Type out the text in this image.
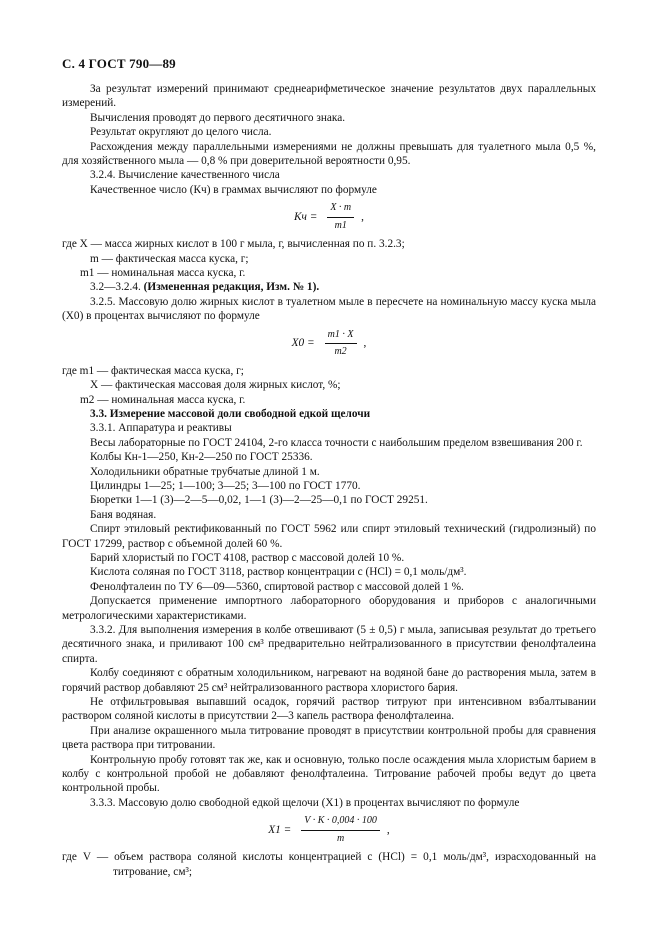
С. 4 ГОСТ 790—89

За результат измерений принимают среднеарифметическое значение результатов двух параллельных измерений.

Вычисления проводят до первого десятичного знака.

Результат округляют до целого числа.

Расхождения между параллельными измерениями не должны превышать для туалетного мыла 0,5 %, для хозяйственного мыла — 0,8 % при доверительной вероятности 0,95.

3.2.4. Вычисление качественного числа

Качественное число (Кч) в граммах вычисляют по формуле

Кч = $\frac{X \cdot m}{m1}$ ,

где X — масса жирных кислот в 100 г мыла, г, вычисленная по п. 3.2.3;

m — фактическая масса куска, г;

m1 — номинальная масса куска, г.

3.2—3.2.4. (Измененная редакция, Изм. № 1).

3.2.5. Массовую долю жирных кислот в туалетном мыле в пересчете на номинальную массу куска мыла (X0) в процентах вычисляют по формуле

$X0 = \frac{m1 \cdot X}{m2}$ ,

где m1 — фактическая масса куска, г;

X — фактическая массовая доля жирных кислот, %;

m2 — номинальная масса куска, г.

3.3. Измерение массовой доли свободной едкой щелочи

3.3.1. Аппаратура и реактивы

Весы лабораторные по ГОСТ 24104, 2-го класса точности с наибольшим пределом взвешивания 200 г.

Колбы Кн-1—250, Кн-2—250 по ГОСТ 25336.

Холодильники обратные трубчатые длиной 1 м.

Цилиндры 1—25; 1—100; 3—25; 3—100 по ГОСТ 1770.

Бюретки 1—1 (3)—2—5—0,02, 1—1 (3)—2—25—0,1 по ГОСТ 29251.

Баня водяная.

Спирт этиловый ректификованный по ГОСТ 5962 или спирт этиловый технический (гидролизный) по ГОСТ 17299, раствор с объемной долей 60 %.

Барий хлористый по ГОСТ 4108, раствор с массовой долей 10 %.

Кислота соляная по ГОСТ 3118, раствор концентрации с (HCl) = 0,1 моль/дм³.

Фенолфталеин по ТУ 6—09—5360, спиртовой раствор с массовой долей 1 %.

Допускается применение импортного лабораторного оборудования и приборов с аналогичными метрологическими характеристиками.

3.3.2. Для выполнения измерения в колбе отвешивают (5 ± 0,5) г мыла, записывая результат до третьего десятичного знака, и приливают 100 см³ предварительно нейтрализованного в присутствии фенолфталеина спирта.

Колбу соединяют с обратным холодильником, нагревают на водяной бане до растворения мыла, затем в горячий раствор добавляют 25 см³ нейтрализованного раствора хлористого бария.

Не отфильтровывая выпавший осадок, горячий раствор титруют при интенсивном взбалтывании раствором соляной кислоты в присутствии 2—3 капель раствора фенолфталеина.

При анализе окрашенного мыла титрование проводят в присутствии контрольной пробы для сравнения цвета раствора при титровании.

Контрольную пробу готовят так же, как и основную, только после осаждения мыла хлористым барием в колбу с контрольной пробой не добавляют фенолфталеина. Титрование рабочей пробы ведут до цвета контрольной пробы.

3.3.3. Массовую долю свободной едкой щелочи (X1) в процентах вычисляют по формуле

$X1 = \frac{V \cdot K \cdot 0,004 \cdot 100}{m}$ ,

где V — объем раствора соляной кислоты концентрацией с (HCl) = 0,1 моль/дм³, израсходованный на титрование, см³;
